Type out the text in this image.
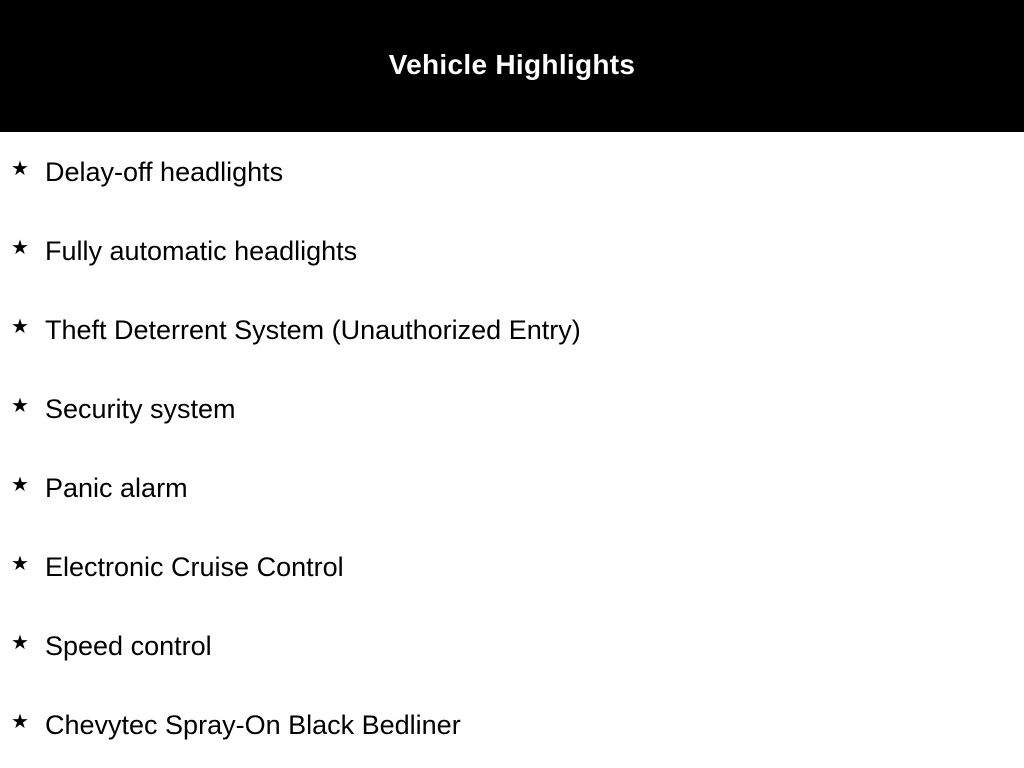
Vehicle Highlights
★ Delay-off headlights
★ Fully automatic headlights
★ Theft Deterrent System (Unauthorized Entry)
★ Security system
★ Panic alarm
★ Electronic Cruise Control
★ Speed control
★ Chevytec Spray-On Black Bedliner
